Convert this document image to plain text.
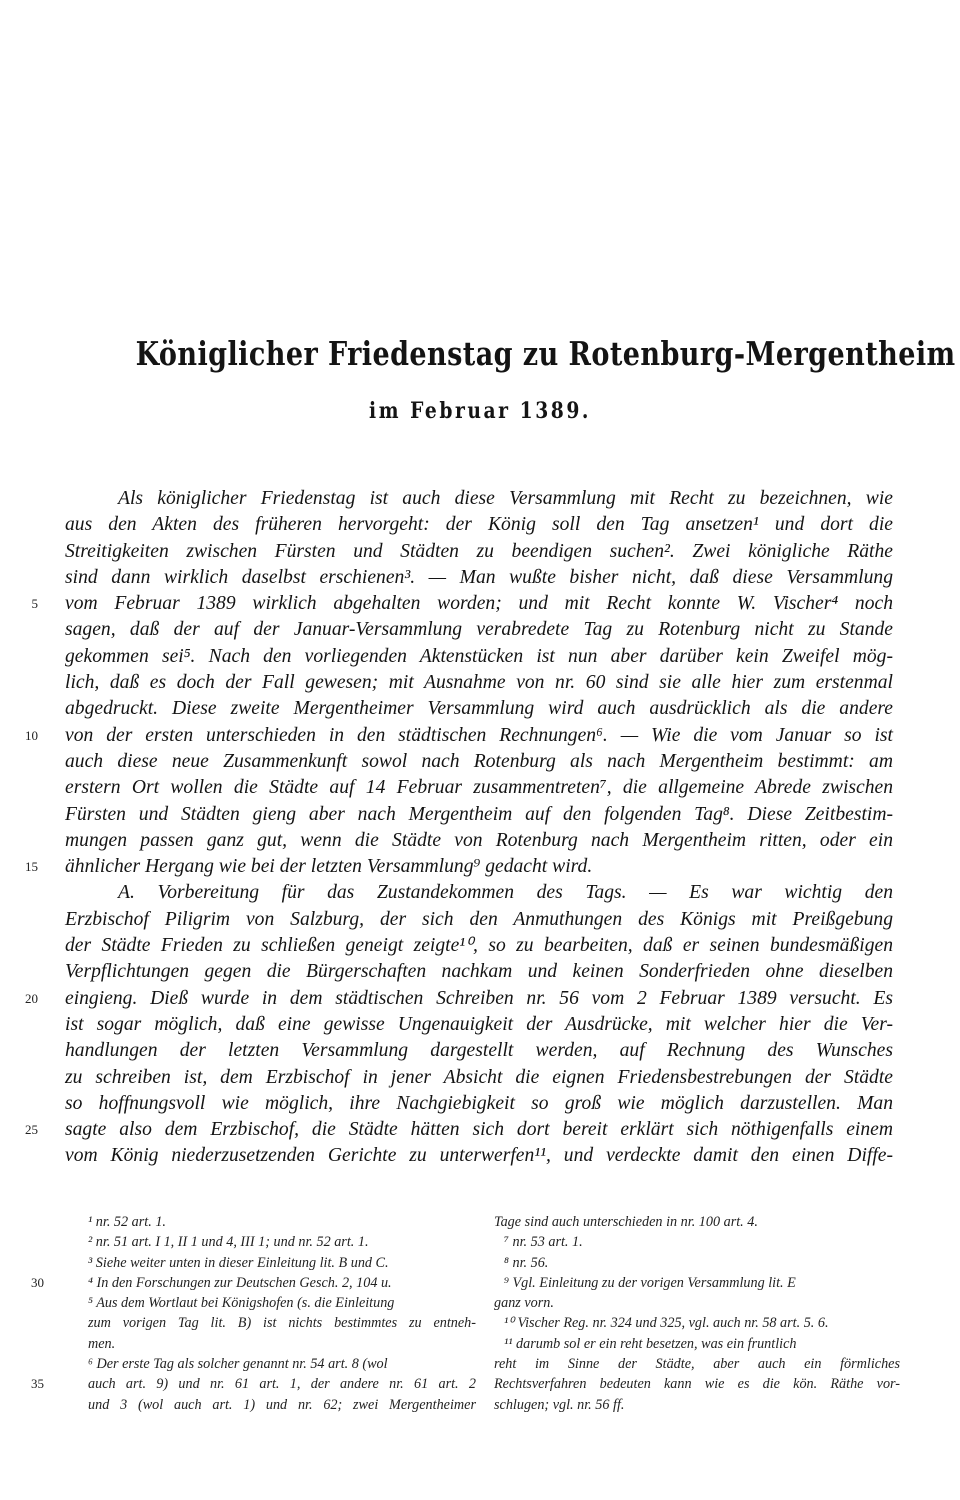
Königlicher Friedenstag zu Rotenburg-Mergentheim
im Februar 1389.
Als königlicher Friedenstag ist auch diese Versammlung mit Recht zu bezeichnen, wie
aus den Akten des früheren hervorgeht: der König soll den Tag ansetzen¹ und dort die
Streitigkeiten zwischen Fürsten und Städten zu beendigen suchen². Zwei königliche Räthe
sind dann wirklich daselbst erschienen³. — Man wußte bisher nicht, daß diese Versammlung
5 vom Februar 1389 wirklich abgehalten worden; und mit Recht konnte W. Vischer⁴ noch
sagen, daß der auf der Januar-Versammlung verabredete Tag zu Rotenburg nicht zu Stande
gekommen sei⁵. Nach den vorliegenden Aktenstücken ist nun aber darüber kein Zweifel mög-
lich, daß es doch der Fall gewesen; mit Ausnahme von nr. 60 sind sie alle hier zum erstenmal
abgedruckt. Diese zweite Mergentheimer Versammlung wird auch ausdrücklich als die andere
10 von der ersten unterschieden in den städtischen Rechnungen⁶. — Wie die vom Januar so ist
auch diese neue Zusammenkunft sowol nach Rotenburg als nach Mergentheim bestimmt: am
erstern Ort wollen die Städte auf 14 Februar zusammentreten⁷, die allgemeine Abrede zwischen
Fürsten und Städten gieng aber nach Mergentheim auf den folgenden Tag⁸. Diese Zeitbestim-
mungen passen ganz gut, wenn die Städte von Rotenburg nach Mergentheim ritten, oder ein
15 ähnlicher Hergang wie bei der letzten Versammlung⁹ gedacht wird.
A. Vorbereitung für das Zustandekommen des Tags. — Es war wichtig den
Erzbischof Piligrim von Salzburg, der sich den Anmuthungen des Königs mit Preißgebung
der Städte Frieden zu schließen geneigt zeigte¹⁰, so zu bearbeiten, daß er seinen bundesmäßigen
Verpflichtungen gegen die Bürgerschaften nachkam und keinen Sonderfrieden ohne dieselben
20 eingieng. Dieß wurde in dem städtischen Schreiben nr. 56 vom 2 Februar 1389 versucht. Es
ist sogar möglich, daß eine gewisse Ungenauigkeit der Ausdrücke, mit welcher hier die Ver-
handlungen der letzten Versammlung dargestellt werden, auf Rechnung des Wunsches
zu schreiben ist, dem Erzbischof in jener Absicht die eignen Friedensbestrebungen der Städte
so hoffnungsvoll wie möglich, ihre Nachgiebigkeit so groß wie möglich darzustellen. Man
25 sagte also dem Erzbischof, die Städte hätten sich dort bereit erklärt sich nöthigenfalls einem
vom König niederzusetzenden Gerichte zu unterwerfen¹¹, und verdeckte damit den einen Diffe-
¹ nr. 52 art. 1.
² nr. 51 art. I 1, II 1 und 4, III 1; und nr. 52 art. 1.
³ Siehe weiter unten in dieser Einleitung lit. B und C.
30	⁴ In den Forschungen zur Deutschen Gesch. 2, 104 u.
⁵ Aus dem Wortlaut bei Königshofen (s. die Einleitung
zum vorigen Tag lit. B) ist nichts bestimmtes zu entneh-
men.
⁶ Der erste Tag als solcher genannt nr. 54 art. 8 (wol
35	auch art. 9) und nr. 61 art. 1, der andere nr. 61 art. 2
und 3 (wol auch art. 1) und nr. 62; zwei Mergentheimer
Tage sind auch unterschieden in nr. 100 art. 4.
⁷ nr. 53 art. 1.
⁸ nr. 56.
⁹ Vgl. Einleitung zu der vorigen Versammlung lit. E
ganz vorn.
¹⁰ Vischer Reg. nr. 324 und 325, vgl. auch nr. 58 art. 5. 6.
¹¹ darumb sol er ein reht besetzen, was ein fruntlich
reht im Sinne der Städte, aber auch ein förmliches
Rechtsverfahren bedeuten kann wie es die kön. Räthe vor-
schlugen; vgl. nr. 56 ff.
